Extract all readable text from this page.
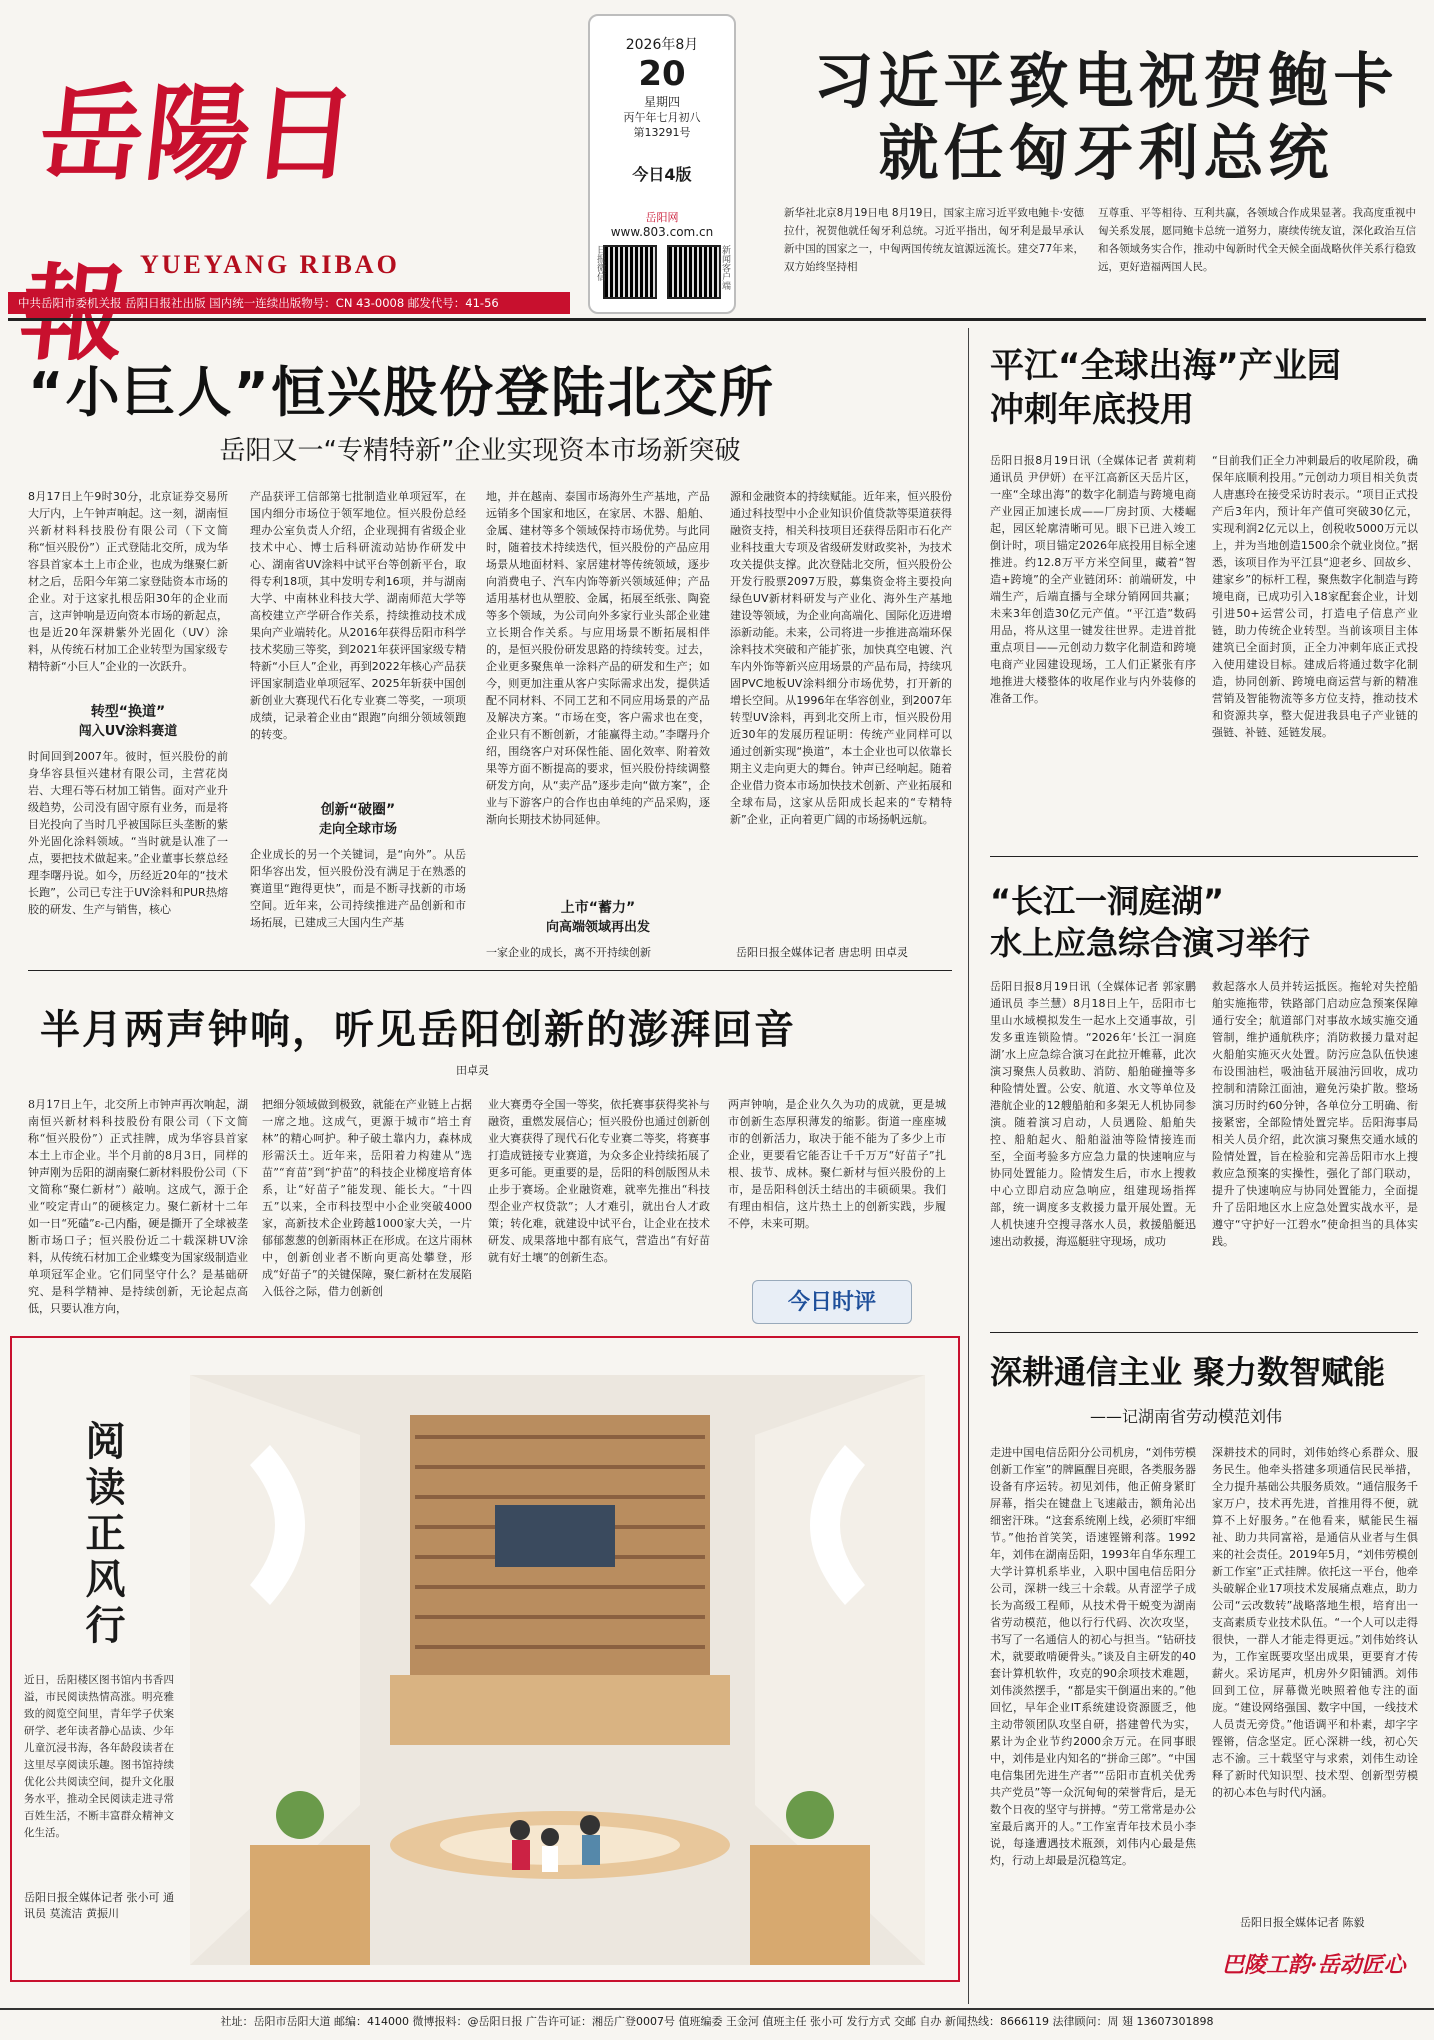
岳陽日報 YUEYANG RIBAO
中共岳阳市委机关报 岳阳日报社出版 国内统一连续出版物号：CN 43-0008 邮发代号：41-56
2026年8月
20
星期四
丙午年七月初八
第13291号
今日4版
岳阳网
www.803.com.cn
日报微信
	新闻客户端
习近平致电祝贺鲍卡
就任匈牙利总统
新华社北京8月19日电 8月19日，国家主席习近平致电鲍卡·安德拉什，祝贺他就任匈牙利总统。习近平指出，匈牙利是最早承认新中国的国家之一，中匈两国传统友谊源远流长。建交77年来，双方始终坚持相
互尊重、平等相待、互利共赢，各领域合作成果显著。我高度重视中匈关系发展，愿同鲍卡总统一道努力，赓续传统友谊，深化政治互信和各领域务实合作，推动中匈新时代全天候全面战略伙伴关系行稳致远，更好造福两国人民。
“小巨人”恒兴股份登陆北交所
岳阳又一“专精特新”企业实现资本市场新突破
8月17日上午9时30分，北京证券交易所大厅内，上午钟声响起。这一刻，湖南恒兴新材料科技股份有限公司（下文简称“恒兴股份”）正式登陆北交所，成为华容县首家本土上市企业，也成为继聚仁新材之后，岳阳今年第二家登陆资本市场的企业。对于这家扎根岳阳30年的企业而言，这声钟响是迈向资本市场的新起点，也是近20年深耕紫外光固化（UV）涂料，从传统石材加工企业转型为国家级专精特新“小巨人”企业的一次跃升。
转型“换道”
闯入UV涂料赛道
时间回到2007年。彼时，恒兴股份的前身华容县恒兴建材有限公司，主营花岗岩、大理石等石材加工销售。面对产业升级趋势，公司没有固守原有业务，而是将目光投向了当时几乎被国际巨头垄断的紫外光固化涂料领域。“当时就是认准了一点，要把技术做起来。”企业董事长蔡总经理李曙丹说。如今，历经近20年的“技术长跑”，公司已专注于UV涂料和PUR热熔胶的研发、生产与销售，核心
产品获评工信部第七批制造业单项冠军，在国内细分市场位于领军地位。恒兴股份总经理办公室负责人介绍，企业现拥有省级企业技术中心、博士后科研流动站协作研发中心、湖南省UV涂料中试平台等创新平台，取得专利18项，其中发明专利16项，并与湖南大学、中南林业科技大学、湖南师范大学等高校建立产学研合作关系，持续推动技术成果向产业端转化。从2016年获得岳阳市科学技术奖励三等奖，到2021年获评国家级专精特新“小巨人”企业，再到2022年核心产品获评国家制造业单项冠军、2025年斩获中国创新创业大赛现代石化专业赛二等奖，一项项成绩，记录着企业由“跟跑”向细分领域领跑的转变。
创新“破圈”
走向全球市场
企业成长的另一个关键词，是“向外”。从岳阳华容出发，恒兴股份没有满足于在熟悉的赛道里“跑得更快”，而是不断寻找新的市场空间。近年来，公司持续推进产品创新和市场拓展，已建成三大国内生产基
地，并在越南、泰国市场海外生产基地，产品远销多个国家和地区，在家居、木器、船舶、金属、建材等多个领域保持市场优势。与此同时，随着技术持续迭代，恒兴股份的产品应用场景从地面材料、家居建材等传统领域，逐步向消费电子、汽车内饰等新兴领域延伸；产品适用基材也从塑胶、金属，拓展至纸张、陶瓷等多个领域，为公司向外多家行业头部企业建立长期合作关系。与应用场景不断拓展相伴的，是恒兴股份研发思路的持续转变。过去，企业更多聚焦单一涂料产品的研发和生产；如今，则更加注重从客户实际需求出发，提供适配不同材料、不同工艺和不同应用场景的产品及解决方案。“市场在变，客户需求也在变，企业只有不断创新，才能赢得主动。”李曙丹介绍，围绕客户对环保性能、固化效率、附着效果等方面不断提高的要求，恒兴股份持续调整研发方向，从“卖产品”逐步走向“做方案”，企业与下游客户的合作也由单纯的产品采购，逐渐向长期技术协同延伸。
上市“蓄力”
向高端领域再出发
一家企业的成长，离不开持续创新
源和金融资本的持续赋能。近年来，恒兴股份通过科技型中小企业知识价值贷款等渠道获得融资支持，相关科技项目还获得岳阳市石化产业科技重大专项及省级研发财政奖补，为技术攻关提供支撑。此次登陆北交所，恒兴股份公开发行股票2097万股，募集资金将主要投向绿色UV新材料研发与产业化、海外生产基地建设等领域，为企业向高端化、国际化迈进增添新动能。未来，公司将进一步推进高端环保涂料技术突破和产能扩张，加快真空电镀、汽车内外饰等新兴应用场景的产品布局，持续巩固PVC地板UV涂料细分市场优势，打开新的增长空间。从1996年在华容创业，到2007年转型UV涂料，再到北交所上市，恒兴股份用近30年的发展历程证明：传统产业同样可以通过创新实现“换道”，本土企业也可以依靠长期主义走向更大的舞台。钟声已经响起。随着企业借力资本市场加快技术创新、产业拓展和全球布局，这家从岳阳成长起来的“专精特新”企业，正向着更广阔的市场扬帆远航。
岳阳日报全媒体记者 唐忠明 田卓灵
半月两声钟响，听见岳阳创新的澎湃回音
田卓灵
8月17日上午，北交所上市钟声再次响起，湖南恒兴新材料科技股份有限公司（下文简称“恒兴股份”）正式挂牌，成为华容县首家本土上市企业。半个月前的8月3日，同样的钟声刚为岳阳的湖南聚仁新材料股份公司（下文简称“聚仁新材”）敲响。这成气，源于企业“咬定青山”的硬核定力。聚仁新材十二年如一日“死磕”ε-己内酯，硬是撕开了全球被垄断市场口子；恒兴股份近二十载深耕UV涂料，从传统石材加工企业蝶变为国家级制造业单项冠军企业。它们同坚守什么？是基础研究、是科学精神、是持续创新，无论起点高低，只要认准方向，
把细分领域做到极致，就能在产业链上占据一席之地。这成气，更源于城市“培土育林”的精心呵护。种子破土靠内力，森林成形需沃土。近年来，岳阳着力构建从“选苗”“育苗”到“护苗”的科技企业梯度培育体系，让“好苗子”能发现、能长大。“十四五”以来，全市科技型中小企业突破4000家，高新技术企业跨越1000家大关，一片郁郁葱葱的创新雨林正在形成。在这片雨林中，创新创业者不断向更高处攀登，形成“好苗子”的关键保障，聚仁新材在发展陷入低谷之际，借力创新创
业大赛勇夺全国一等奖，依托赛事获得奖补与融资，重燃发展信心；恒兴股份也通过创新创业大赛获得了现代石化专业赛二等奖，将赛事打造成链接专业赛道，为众多企业持续拓展了更多可能。更重要的是，岳阳的科创版图从未止步于赛场。企业融资难，就率先推出“科技型企业产权贷款”；人才难引，就出台人才政策；转化难，就建设中试平台，让企业在技术研发、成果落地中都有底气，营造出“有好苗就有好土壤”的创新生态。
两声钟响，是企业久久为功的成就，更是城市创新生态厚积薄发的缩影。街道一座座城市的创新活力，取决于能不能为了多少上市企业，更要看它能否让千千万万“好苗子”扎根、拔节、成林。聚仁新材与恒兴股份的上市，是岳阳科创沃土结出的丰硕硕果。我们有理由相信，这片热土上的创新实践，步履不停，未来可期。
今日时评
平江“全球出海”产业园
冲刺年底投用
岳阳日报8月19日讯（全媒体记者 黄莉莉 通讯员 尹伊妍）在平江高新区天岳片区，一座“全球出海”的数字化制造与跨境电商产业园正加速长成——厂房封顶、大楼崛起，园区轮廓清晰可见。眼下已进入竣工倒计时，项目锚定2026年底投用目标全速推进。约12.8万平方米空间里，藏着“智造+跨境”的全产业链闭环：前端研发，中端生产，后端直播与全球分销网回共赢；未来3年创造30亿元产值。“平江造”数码用品，将从这里一键发往世界。走进首批重点项目——元创动力数字化制造和跨境电商产业园建设现场，工人们正紧张有序地推进大楼整体的收尾作业与内外装修的准备工作。
“目前我们正全力冲刺最后的收尾阶段，确保年底顺利投用。”元创动力项目相关负责人唐惠玲在接受采访时表示。“项目正式投产后3年内，预计年产值可突破30亿元，实现利润2亿元以上，创税收5000万元以上，并为当地创造1500余个就业岗位。”据悉，该项目作为平江县“迎老乡、回故乡、建家乡”的标杆工程，聚焦数字化制造与跨境电商，已成功引入18家配套企业，计划引进50+运营公司，打造电子信息产业链，助力传统企业转型。当前该项目主体建筑已全面封顶，正全力冲刺年底正式投入使用建设目标。建成后将通过数字化制造，协同创新、跨境电商运营与新的精准营销及智能物流等多方位支持，推动技术和资源共享，整大促进我县电子产业链的强链、补链、延链发展。
“长江一洞庭湖”
水上应急综合演习举行
岳阳日报8月19日讯（全媒体记者 郭家鹏 通讯员 李兰慧）8月18日上午，岳阳市七里山水域模拟发生一起水上交通事故，引发多重连锁险情。“2026年‘长江一洞庭湖’水上应急综合演习在此拉开帷幕，此次演习聚焦人员救助、消防、船舶碰撞等多种险情处置。公安、航道、水文等单位及港航企业的12艘船舶和多架无人机协同参演。随着演习启动，人员遇险、船舶失控、船舶起火、船舶溢油等险情接连而至，全面考验多方应急力量的快速响应与协同处置能力。险情发生后，市水上搜救中心立即启动应急响应，组建现场指挥部，统一调度多支救援力量开展处置。无人机快速升空搜寻落水人员，救援船艇迅速出动救援，海巡艇驻守现场，成功
救起落水人员并转运抵医。拖轮对失控船舶实施拖带，铁路部门启动应急预案保障通行安全；航道部门对事故水域实施交通管制，维护通航秩序；消防救援力量对起火船舶实施灭火处置。防污应急队伍快速布设围油栏，吸油毡开展油污回收，成功控制和清除江面油，避免污染扩散。整场演习历时约60分钟，各单位分工明确、衔接紧密，全部险情处置完毕。岳阳海事局相关人员介绍，此次演习聚焦交通水域的险情处置，旨在检验和完善岳阳市水上搜救应急预案的实操性，强化了部门联动，提升了快速响应与协同处置能力，全面提升了岳阳地区水上应急处置实战水平，是遵守“守护好一江碧水”使命担当的具体实践。
阅读正风行
近日，岳阳楼区图书馆内书香四溢，市民阅读热情高涨。明亮雅致的阅览空间里，青年学子伏案研学、老年读者静心品读、少年儿童沉浸书海，各年龄段读者在这里尽享阅读乐趣。图书馆持续优化公共阅读空间，提升文化服务水平，推动全民阅读走进寻常百姓生活，不断丰富群众精神文化生活。
岳阳日报全媒体记者 张小可 通讯员 莫流洁 黄振川
深耕通信主业 聚力数智赋能
——记湖南省劳动模范刘伟
走进中国电信岳阳分公司机房，“刘伟劳模创新工作室”的牌匾醒目亮眼，各类服务器设备有序运转。初见刘伟，他正俯身紧盯屏幕，指尖在键盘上飞速敲击，额角沁出细密汗珠。“这套系统刚上线，必须盯牢细节。”他抬首笑笑，语速铿锵利落。1992年，刘伟在湖南岳阳，1993年自华东理工大学计算机系毕业，入职中国电信岳阳分公司，深耕一线三十余载。从青涩学子成长为高级工程师，从技术骨干蜕变为湖南省劳动模范，他以行行代码、次次攻坚，书写了一名通信人的初心与担当。“钻研技术，就要敢啃硬骨头。”谈及自主研发的40套计算机软件，攻克的90余项技术难题，刘伟淡然摆手，“都是实干倒逼出来的。”他回忆，早年企业IT系统建设资源匮乏，他主动带领团队攻坚自研，搭建曾代为实，累计为企业节约2000余万元。在同事眼中，刘伟是业内知名的“拼命三郎”。“中国电信集团先进生产者”“岳阳市直机关优秀共产党员”等一众沉甸甸的荣誉背后，是无数个日夜的坚守与拼搏。“劳工常常是办公室最后离开的人。”工作室青年技术员小李说，每逢遭遇技术瓶颈，刘伟内心最是焦灼，行动上却最是沉稳笃定。
深耕技术的同时，刘伟始终心系群众、服务民生。他牵头搭建多项通信民民举措，全力提升基础公共服务质效。“通信服务千家万户，技术再先进，首推用得不便，就算不上好服务。”在他看来，赋能民生福祉、助力共同富裕，是通信从业者与生俱来的社会责任。2019年5月，“刘伟劳模创新工作室”正式挂牌。依托这一平台，他牵头破解企业17项技术发展痛点难点，助力公司“云改数转”战略落地生根，培育出一支高素质专业技术队伍。“一个人可以走得很快，一群人才能走得更远。”刘伟始终认为，工作室既要攻坚出成果，更要育才传薪火。采访尾声，机房外夕阳铺洒。刘伟回到工位，屏幕微光映照着他专注的面庞。“建设网络强国、数字中国，一线技术人员责无旁贷。”他语调平和朴素，却字字铿锵，信念坚定。匠心深耕一线，初心矢志不渝。三十载坚守与求索，刘伟生动诠释了新时代知识型、技术型、创新型劳模的初心本色与时代内涵。
岳阳日报全媒体记者 陈毅
巴陵工韵·岳动匠心
社址：岳阳市岳阳大道 邮编：414000 微博报料：@岳阳日报 广告许可证：湘岳广登0007号 值班编委 王金河 值班主任 张小可 发行方式 交邮 自办 新闻热线：8666119 法律顾问：周 翅 13607301898
